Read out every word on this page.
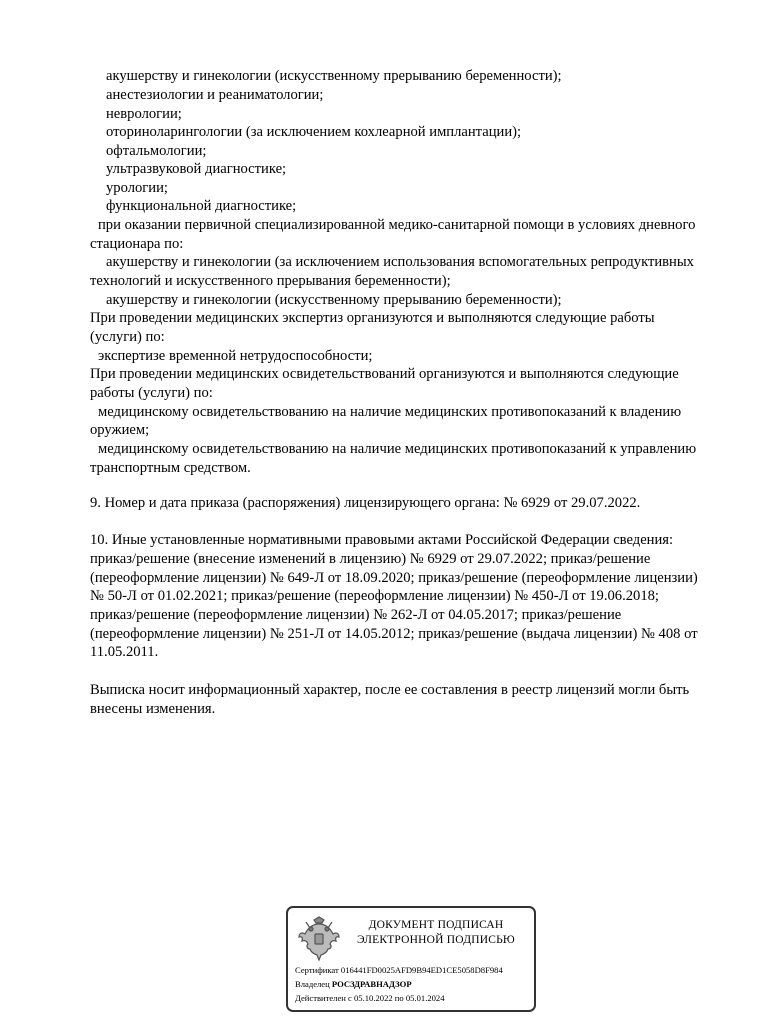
акушерству и гинекологии (искусственному прерыванию беременности);
анестезиологии и реаниматологии;
неврологии;
оториноларингологии (за исключением кохлеарной имплантации);
офтальмологии;
ультразвуковой диагностике;
урологии;
функциональной диагностике;
при оказании первичной специализированной медико-санитарной помощи в условиях дневного
стационара по:
акушерству и гинекологии (за исключением использования вспомогательных репродуктивных
технологий и искусственного прерывания беременности);
акушерству и гинекологии (искусственному прерыванию беременности);
При проведении медицинских экспертиз организуются и выполняются следующие работы
(услуги) по:
экспертизе временной нетрудоспособности;
При проведении медицинских освидетельствований организуются и выполняются следующие
работы (услуги) по:
медицинскому освидетельствованию на наличие медицинских противопоказаний к владению
оружием;
медицинскому освидетельствованию на наличие медицинских противопоказаний к управлению
транспортным средством.
9. Номер и дата приказа (распоряжения) лицензирующего органа: № 6929 от 29.07.2022.
10. Иные установленные нормативными правовыми актами Российской Федерации сведения:
приказ/решение (внесение изменений в лицензию) № 6929 от 29.07.2022; приказ/решение
(переоформление лицензии) № 649-Л от 18.09.2020; приказ/решение (переоформление лицензии)
№ 50-Л от 01.02.2021; приказ/решение (переоформление лицензии) № 450-Л от 19.06.2018;
приказ/решение (переоформление лицензии) № 262-Л от 04.05.2017; приказ/решение
(переоформление лицензии) № 251-Л от 14.05.2012; приказ/решение (выдача лицензии) № 408 от
11.05.2011.
Выписка носит информационный характер, после ее составления в реестр лицензий могли быть
внесены изменения.
ДОКУМЕНТ ПОДПИСАН
ЭЛЕКТРОННОЙ ПОДПИСЬЮ
Сертификат 016441FD0025AFD9B94ED1CE5058D8F984
Владелец РОСЗДРАВНАДЗОР
Действителен с 05.10.2022 по 05.01.2024
